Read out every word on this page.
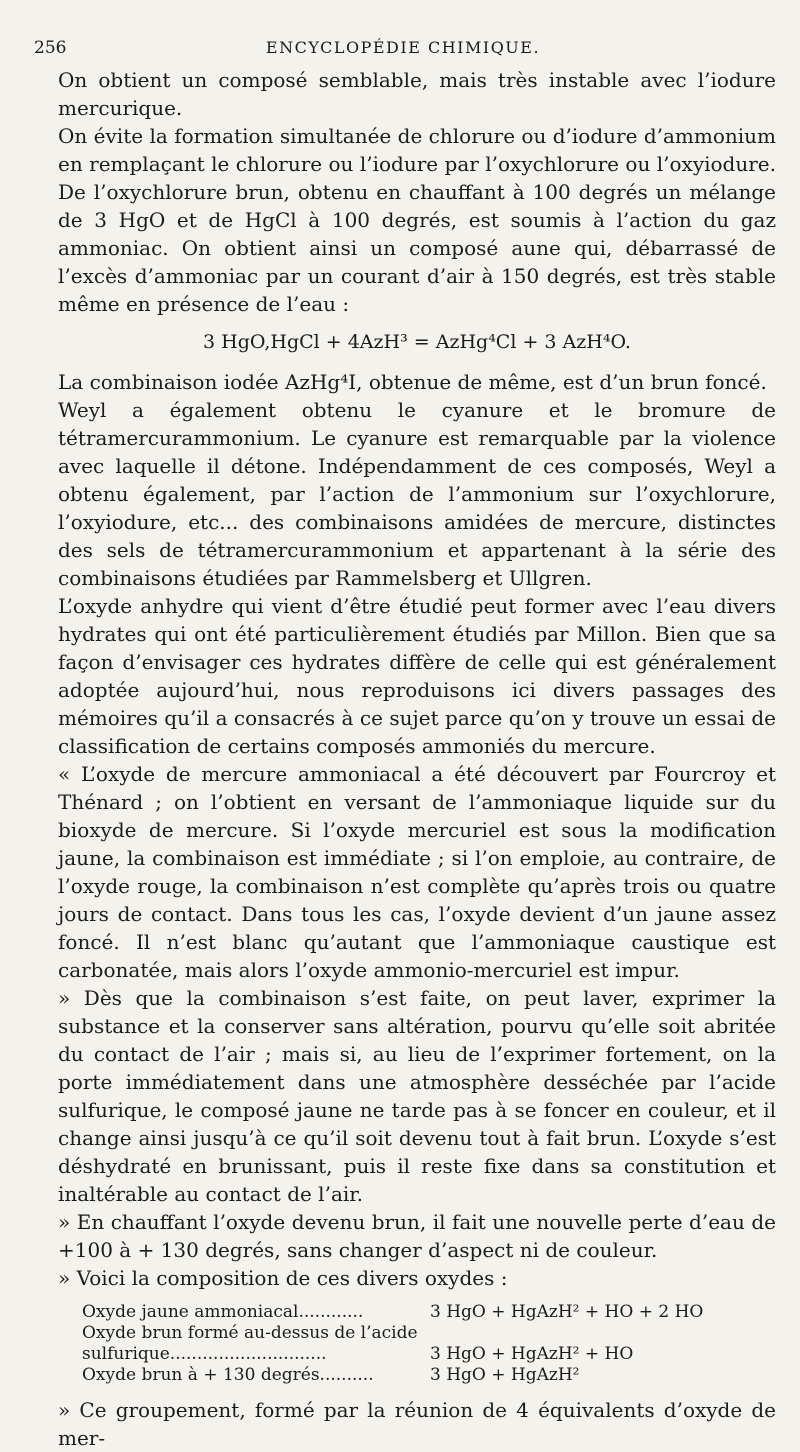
256	ENCYCLOPÉDIE CHIMIQUE.

On obtient un composé semblable, mais très instable avec l’iodure mercurique.

On évite la formation simultanée de chlorure ou d’iodure d’ammonium en remplaçant le chlorure ou l’iodure par l’oxychlorure ou l’oxyiodure. De l’oxychlorure brun, obtenu en chauffant à 100 degrés un mélange de 3 HgO et de HgCl à 100 degrés, est soumis à l’action du gaz ammoniac. On obtient ainsi un composé aune qui, débarrassé de l’excès d’ammoniac par un courant d’air à 150 degrés, est très stable même en présence de l’eau :

3 HgO,HgCl + 4AzH³ = AzHg⁴Cl + 3 AzH⁴O.

La combinaison iodée AzHg⁴I, obtenue de même, est d’un brun foncé.

Weyl a également obtenu le cyanure et le bromure de tétramercurammonium. Le cyanure est remarquable par la violence avec laquelle il détone. Indépendamment de ces composés, Weyl a obtenu également, par l’action de l’ammonium sur l’oxychlorure, l’oxyiodure, etc... des combinaisons amidées de mercure, distinctes des sels de tétramercurammonium et appartenant à la série des combinaisons étudiées par Rammelsberg et Ullgren.

L’oxyde anhydre qui vient d’être étudié peut former avec l’eau divers hydrates qui ont été particulièrement étudiés par Millon. Bien que sa façon d’envisager ces hydrates diffère de celle qui est généralement adoptée aujourd’hui, nous reproduisons ici divers passages des mémoires qu’il a consacrés à ce sujet parce qu’on y trouve un essai de classification de certains composés ammoniés du mercure.

« L’oxyde de mercure ammoniacal a été découvert par Fourcroy et Thénard ; on l’obtient en versant de l’ammoniaque liquide sur du bioxyde de mercure. Si l’oxyde mercuriel est sous la modification jaune, la combinaison est immédiate ; si l’on emploie, au contraire, de l’oxyde rouge, la combinaison n’est complète qu’après trois ou quatre jours de contact. Dans tous les cas, l’oxyde devient d’un jaune assez foncé. Il n’est blanc qu’autant que l’ammoniaque caustique est carbonatée, mais alors l’oxyde ammonio-mercuriel est impur.

» Dès que la combinaison s’est faite, on peut laver, exprimer la substance et la conserver sans altération, pourvu qu’elle soit abritée du contact de l’air ; mais si, au lieu de l’exprimer fortement, on la porte immédiatement dans une atmosphère desséchée par l’acide sulfurique, le composé jaune ne tarde pas à se foncer en couleur, et il change ainsi jusqu’à ce qu’il soit devenu tout à fait brun. L’oxyde s’est déshydraté en brunissant, puis il reste fixe dans sa constitution et inaltérable au contact de l’air.

» En chauffant l’oxyde devenu brun, il fait une nouvelle perte d’eau de +100 à + 130 degrés, sans changer d’aspect ni de couleur.

» Voici la composition de ces divers oxydes :

Oxyde jaune ammoniacal............	3 HgO + HgAzH² + HO + 2 HO
Oxyde brun formé au-dessus de l’acide
sulfurique.............................	3 HgO + HgAzH² + HO
Oxyde brun à + 130 degrés..........	3 HgO + HgAzH²

» Ce groupement, formé par la réunion de 4 équivalents d’oxyde de mer-
